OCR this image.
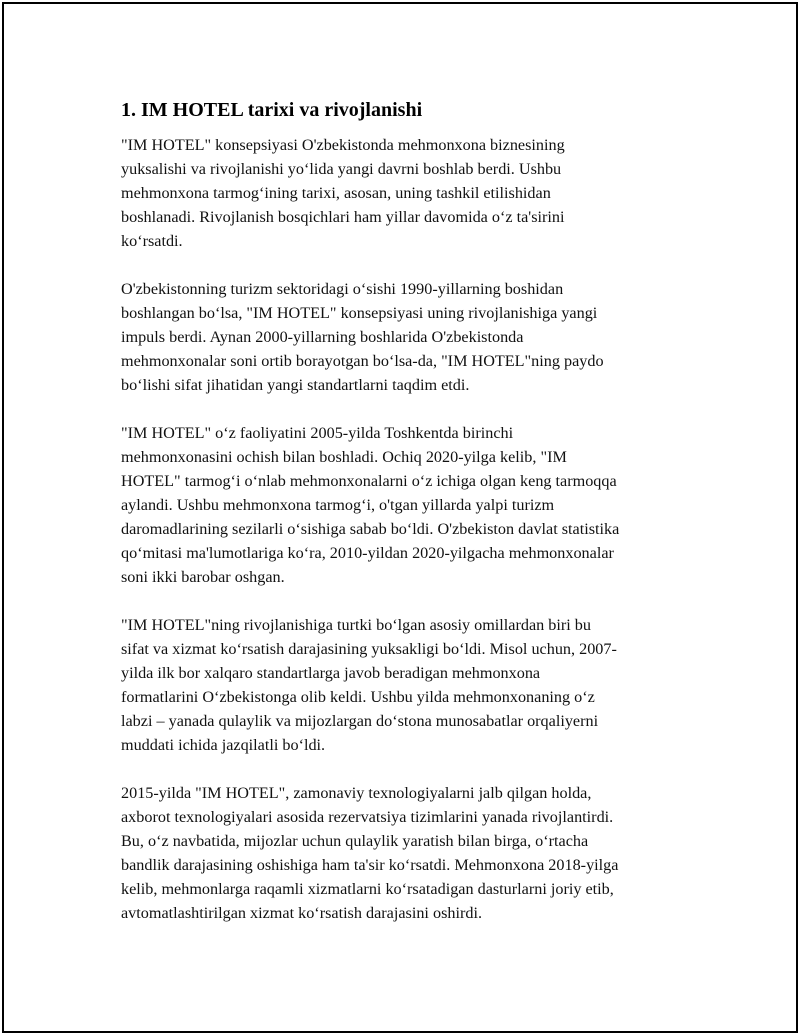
1. IM HOTEL tarixi va rivojlanishi

"IM HOTEL" konsepsiyasi O'zbekistonda mehmonxona biznesining
yuksalishi va rivojlanishi yo‘lida yangi davrni boshlab berdi. Ushbu
mehmonxona tarmog‘ining tarixi, asosan, uning tashkil etilishidan
boshlanadi. Rivojlanish bosqichlari ham yillar davomida o‘z ta'sirini
ko‘rsatdi.

O'zbekistonning turizm sektoridagi o‘sishi 1990-yillarning boshidan
boshlangan bo‘lsa, "IM HOTEL" konsepsiyasi uning rivojlanishiga yangi
impuls berdi. Aynan 2000-yillarning boshlarida O'zbekistonda
mehmonxonalar soni ortib borayotgan bo‘lsa-da, "IM HOTEL"ning paydo
bo‘lishi sifat jihatidan yangi standartlarni taqdim etdi.

"IM HOTEL" o‘z faoliyatini 2005-yilda Toshkentda birinchi
mehmonxonasini ochish bilan boshladi. Ochiq 2020-yilga kelib, "IM
HOTEL" tarmog‘i o‘nlab mehmonxonalarni o‘z ichiga olgan keng tarmoqqa
aylandi. Ushbu mehmonxona tarmog‘i, o'tgan yillarda yalpi turizm
daromadlarining sezilarli o‘sishiga sabab bo‘ldi. O'zbekiston davlat statistika
qo‘mitasi ma'lumotlariga ko‘ra, 2010-yildan 2020-yilgacha mehmonxonalar
soni ikki barobar oshgan.

"IM HOTEL"ning rivojlanishiga turtki bo‘lgan asosiy omillardan biri bu
sifat va xizmat ko‘rsatish darajasining yuksakligi bo‘ldi. Misol uchun, 2007-
yilda ilk bor xalqaro standartlarga javob beradigan mehmonxona
formatlarini O‘zbekistonga olib keldi. Ushbu yilda mehmonxonaning o‘z
labzi – yanada qulaylik va mijozlargan do‘stona munosabatlar orqaliyerni
muddati ichida jazqilatli bo‘ldi.

2015-yilda "IM HOTEL", zamonaviy texnologiyalarni jalb qilgan holda,
axborot texnologiyalari asosida rezervatsiya tizimlarini yanada rivojlantirdi.
Bu, o‘z navbatida, mijozlar uchun qulaylik yaratish bilan birga, o‘rtacha
bandlik darajasining oshishiga ham ta'sir ko‘rsatdi. Mehmonxona 2018-yilga
kelib, mehmonlarga raqamli xizmatlarni ko‘rsatadigan dasturlarni joriy etib,
avtomatlashtirilgan xizmat ko‘rsatish darajasini oshirdi.
